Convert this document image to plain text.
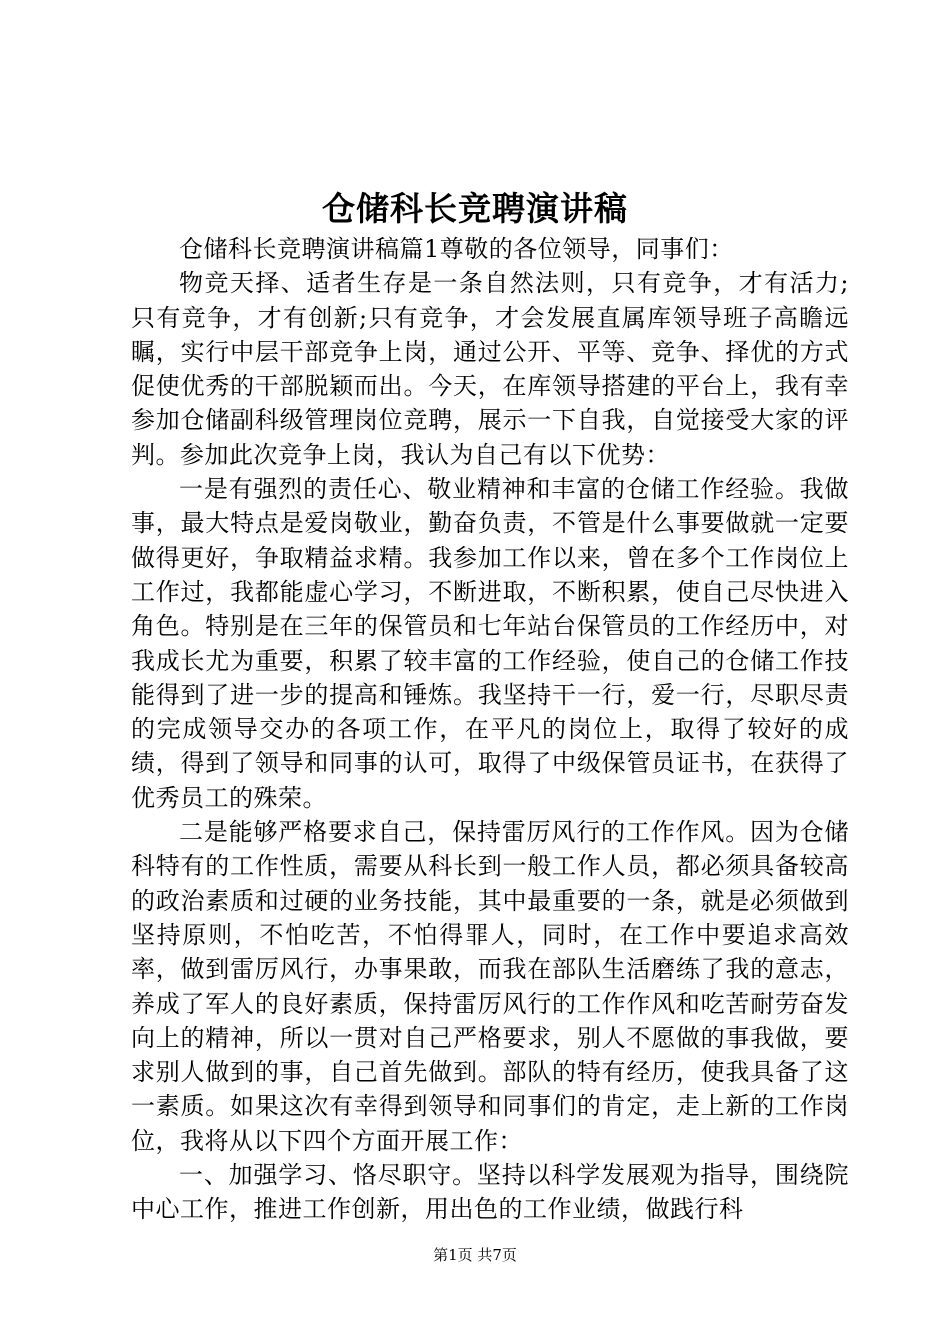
仓储科长竞聘演讲稿

仓储科长竞聘演讲稿篇1尊敬的各位领导，同事们：

物竞天择、适者生存是一条自然法则，只有竞争，才有活力;只有竞争，才有创新;只有竞争，才会发展直属库领导班子高瞻远瞩，实行中层干部竞争上岗，通过公开、平等、竞争、择优的方式促使优秀的干部脱颖而出。今天，在库领导搭建的平台上，我有幸参加仓储副科级管理岗位竞聘，展示一下自我，自觉接受大家的评判。参加此次竞争上岗，我认为自己有以下优势：

一是有强烈的责任心、敬业精神和丰富的仓储工作经验。我做事，最大特点是爱岗敬业，勤奋负责，不管是什么事要做就一定要做得更好，争取精益求精。我参加工作以来，曾在多个工作岗位上工作过，我都能虚心学习，不断进取，不断积累，使自己尽快进入角色。特别是在三年的保管员和七年站台保管员的工作经历中，对我成长尤为重要，积累了较丰富的工作经验，使自己的仓储工作技能得到了进一步的提高和锤炼。我坚持干一行，爱一行，尽职尽责的完成领导交办的各项工作，在平凡的岗位上，取得了较好的成绩，得到了领导和同事的认可，取得了中级保管员证书，在获得了优秀员工的殊荣。

二是能够严格要求自己，保持雷厉风行的工作作风。因为仓储科特有的工作性质，需要从科长到一般工作人员，都必须具备较高的政治素质和过硬的业务技能，其中最重要的一条，就是必须做到坚持原则，不怕吃苦，不怕得罪人，同时，在工作中要追求高效率，做到雷厉风行，办事果敢，而我在部队生活磨练了我的意志，养成了军人的良好素质，保持雷厉风行的工作作风和吃苦耐劳奋发向上的精神，所以一贯对自己严格要求，别人不愿做的事我做，要求别人做到的事，自己首先做到。部队的特有经历，使我具备了这一素质。如果这次有幸得到领导和同事们的肯定，走上新的工作岗位，我将从以下四个方面开展工作：

一、加强学习、恪尽职守。坚持以科学发展观为指导，围绕院中心工作，推进工作创新，用出色的工作业绩，做践行科

第1页 共7页
